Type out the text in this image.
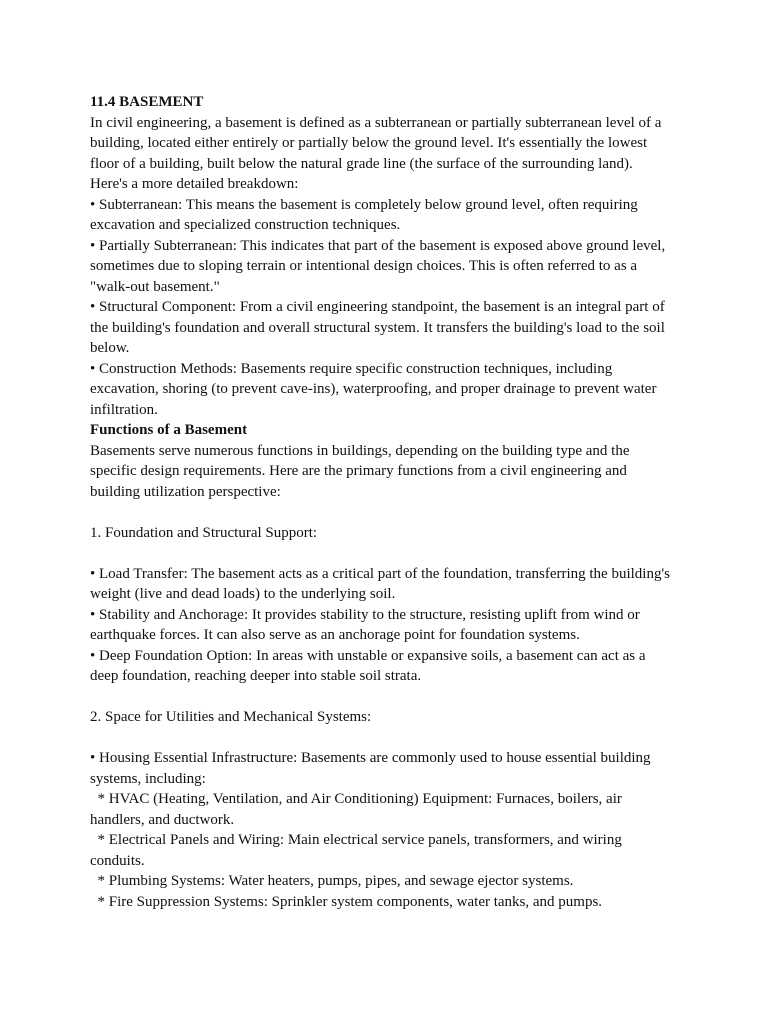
11.4 BASEMENT
In civil engineering, a basement is defined as a subterranean or partially subterranean level of a
building, located either entirely or partially below the ground level. It's essentially the lowest
floor of a building, built below the natural grade line (the surface of the surrounding land).
Here's a more detailed breakdown:
• Subterranean: This means the basement is completely below ground level, often requiring
excavation and specialized construction techniques.
• Partially Subterranean: This indicates that part of the basement is exposed above ground level,
sometimes due to sloping terrain or intentional design choices. This is often referred to as a
"walk-out basement."
• Structural Component: From a civil engineering standpoint, the basement is an integral part of
the building's foundation and overall structural system. It transfers the building's load to the soil
below.
• Construction Methods: Basements require specific construction techniques, including
excavation, shoring (to prevent cave-ins), waterproofing, and proper drainage to prevent water
infiltration.
Functions of a Basement
Basements serve numerous functions in buildings, depending on the building type and the
specific design requirements. Here are the primary functions from a civil engineering and
building utilization perspective:
1. Foundation and Structural Support:
• Load Transfer: The basement acts as a critical part of the foundation, transferring the building's
weight (live and dead loads) to the underlying soil.
• Stability and Anchorage: It provides stability to the structure, resisting uplift from wind or
earthquake forces. It can also serve as an anchorage point for foundation systems.
• Deep Foundation Option: In areas with unstable or expansive soils, a basement can act as a
deep foundation, reaching deeper into stable soil strata.
2. Space for Utilities and Mechanical Systems:
• Housing Essential Infrastructure: Basements are commonly used to house essential building
systems, including:
* HVAC (Heating, Ventilation, and Air Conditioning) Equipment: Furnaces, boilers, air
handlers, and ductwork.
* Electrical Panels and Wiring: Main electrical service panels, transformers, and wiring
conduits.
* Plumbing Systems: Water heaters, pumps, pipes, and sewage ejector systems.
* Fire Suppression Systems: Sprinkler system components, water tanks, and pumps.
